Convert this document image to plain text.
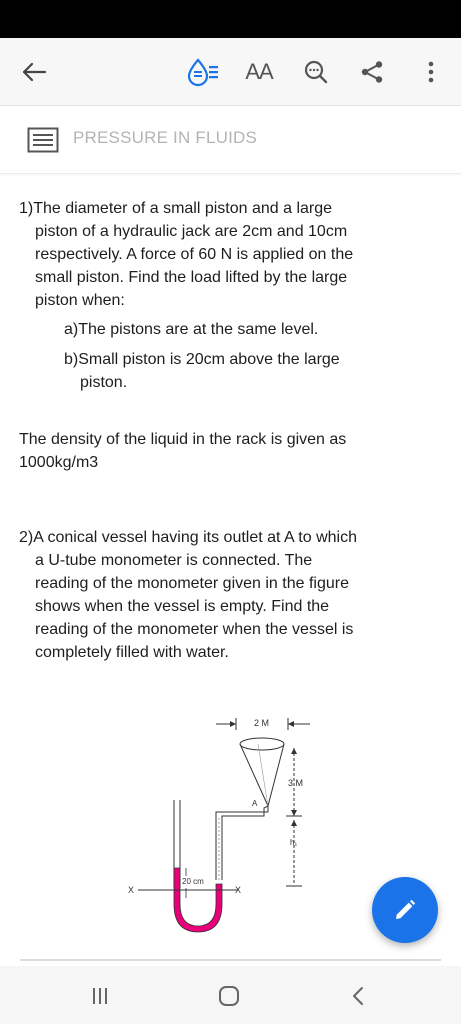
AA
PRESSURE IN FLUIDS
1)The diameter of a small piston and a large
piston of a hydraulic jack are 2cm and 10cm
respectively. A force of 60 N is applied on the
small piston. Find the load lifted by the large
piston when:
a)The pistons are at the same level.
b)Small piston is 20cm above the large
piston.
The density of the liquid in the rack is given as
1000kg/m3
2)A conical vessel having its outlet at A to which
a U-tube monometer is connected. The
reading of the monometer given in the figure
shows when the vessel is empty. Find the
reading of the monometer when the vessel is
completely filled with water.
2 M
3 M
h₁
A
20 cm
X	X
